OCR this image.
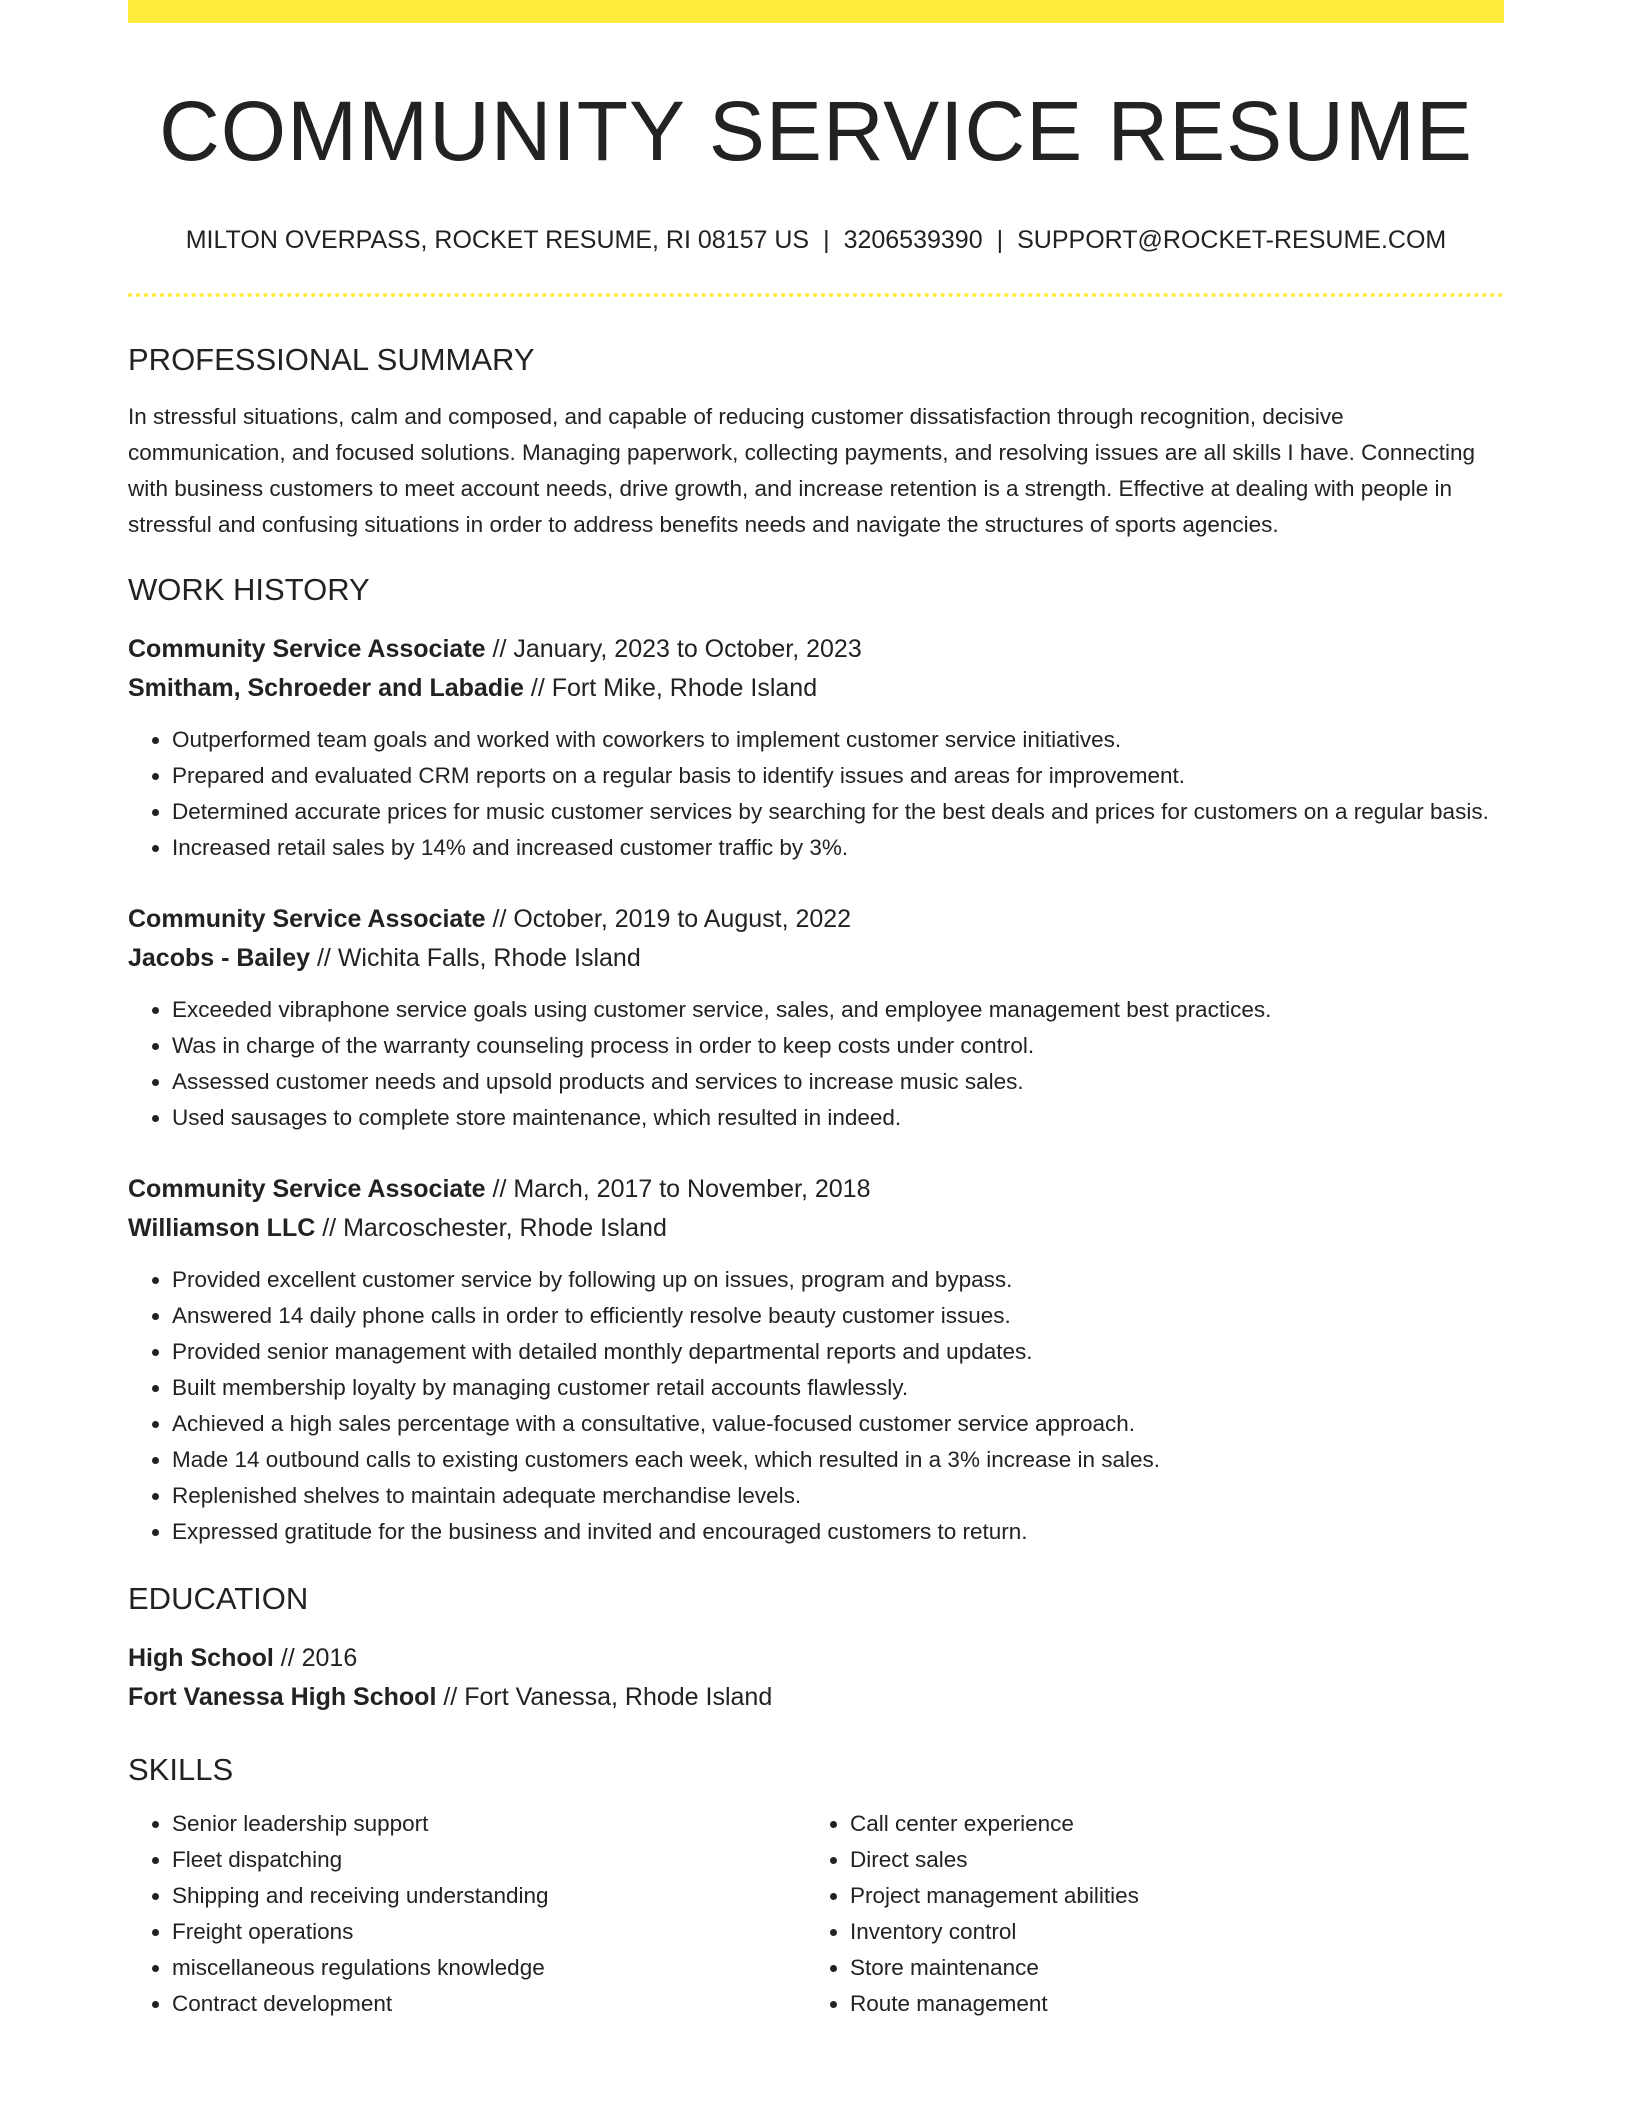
COMMUNITY SERVICE RESUME
MILTON OVERPASS, ROCKET RESUME, RI 08157 US | 3206539390 | SUPPORT@ROCKET-RESUME.COM
PROFESSIONAL SUMMARY

In stressful situations, calm and composed, and capable of reducing customer dissatisfaction through recognition, decisive communication, and focused solutions. Managing paperwork, collecting payments, and resolving issues are all skills I have. Connecting with business customers to meet account needs, drive growth, and increase retention is a strength. Effective at dealing with people in stressful and confusing situations in order to address benefits needs and navigate the structures of sports agencies.

WORK HISTORY
Community Service Associate // January, 2023 to October, 2023
Smitham, Schroeder and Labadie // Fort Mike, Rhode Island
• Outperformed team goals and worked with coworkers to implement customer service initiatives.
• Prepared and evaluated CRM reports on a regular basis to identify issues and areas for improvement.
• Determined accurate prices for music customer services by searching for the best deals and prices for customers on a regular basis.
• Increased retail sales by 14% and increased customer traffic by 3%.
Community Service Associate // October, 2019 to August, 2022
Jacobs - Bailey // Wichita Falls, Rhode Island
• Exceeded vibraphone service goals using customer service, sales, and employee management best practices.
• Was in charge of the warranty counseling process in order to keep costs under control.
• Assessed customer needs and upsold products and services to increase music sales.
• Used sausages to complete store maintenance, which resulted in indeed.
Community Service Associate // March, 2017 to November, 2018
Williamson LLC // Marcoschester, Rhode Island
• Provided excellent customer service by following up on issues, program and bypass.
• Answered 14 daily phone calls in order to efficiently resolve beauty customer issues.
• Provided senior management with detailed monthly departmental reports and updates.
• Built membership loyalty by managing customer retail accounts flawlessly.
• Achieved a high sales percentage with a consultative, value-focused customer service approach.
• Made 14 outbound calls to existing customers each week, which resulted in a 3% increase in sales.
• Replenished shelves to maintain adequate merchandise levels.
• Expressed gratitude for the business and invited and encouraged customers to return.
EDUCATION
High School // 2016
Fort Vanessa High School // Fort Vanessa, Rhode Island
SKILLS
• Senior leadership support
• Fleet dispatching
• Shipping and receiving understanding
• Freight operations
• miscellaneous regulations knowledge
• Contract development
• Call center experience
• Direct sales
• Project management abilities
• Inventory control
• Store maintenance
• Route management
